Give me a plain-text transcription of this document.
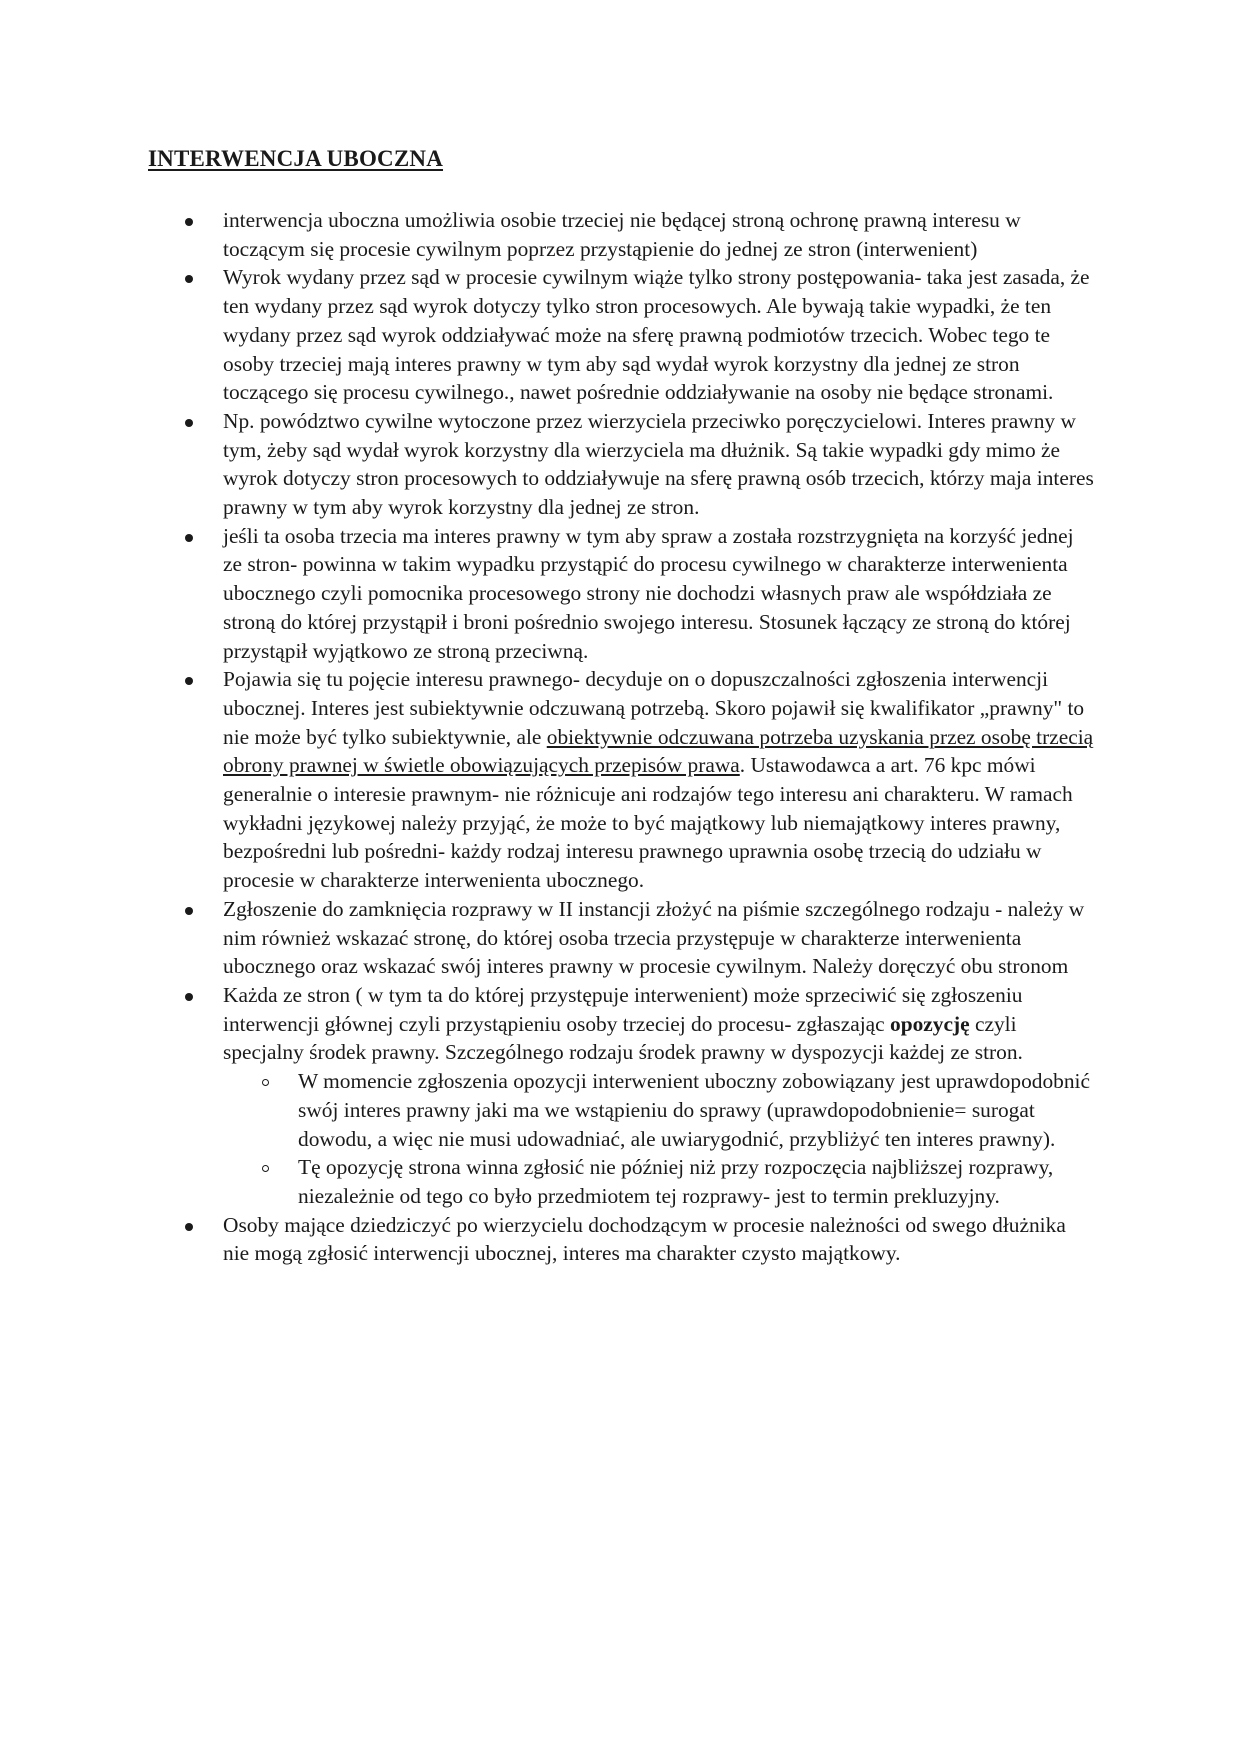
INTERWENCJA UBOCZNA
interwencja uboczna umożliwia osobie trzeciej nie będącej stroną ochronę prawną interesu w toczącym się procesie cywilnym poprzez przystąpienie do jednej ze stron (interwenient)
Wyrok wydany przez sąd w procesie cywilnym wiąże tylko strony postępowania- taka jest zasada, że ten wydany przez sąd wyrok dotyczy tylko stron procesowych. Ale bywają takie wypadki, że ten wydany przez sąd wyrok oddziaływać może na sferę prawną podmiotów trzecich. Wobec tego te osoby trzeciej mają interes prawny w tym aby sąd wydał wyrok korzystny dla jednej ze stron toczącego się procesu cywilnego., nawet pośrednie oddziaływanie na osoby nie będące stronami.
Np. powództwo cywilne wytoczone przez wierzyciela przeciwko poręczycielowi. Interes prawny w tym, żeby sąd wydał wyrok korzystny dla wierzyciela ma dłużnik. Są takie wypadki gdy mimo że wyrok dotyczy stron procesowych to oddziaływuje na sferę prawną osób trzecich, którzy maja interes prawny w tym aby wyrok korzystny dla jednej ze stron.
jeśli ta osoba trzecia ma interes prawny w tym aby spraw a została rozstrzygnięta na korzyść jednej ze stron- powinna w takim wypadku przystąpić do procesu cywilnego w charakterze interwenienta ubocznego czyli pomocnika procesowego strony nie dochodzi własnych praw ale współdziała ze stroną do której przystąpił i broni pośrednio swojego interesu. Stosunek łączący ze stroną do której przystąpił wyjątkowo ze stroną przeciwną.
Pojawia się tu pojęcie interesu prawnego- decyduje on o dopuszczalności zgłoszenia interwencji ubocznej. Interes jest subiektywnie odczuwaną potrzebą. Skoro pojawił się kwalifikator „prawny" to nie może być tylko subiektywnie, ale obiektywnie odczuwana potrzeba uzyskania przez osobę trzecią obrony prawnej w świetle obowiązujących przepisów prawa. Ustawodawca a art. 76 kpc mówi generalnie o interesie prawnym- nie różnicuje ani rodzajów tego interesu ani charakteru. W ramach wykładni językowej należy przyjąć, że może to być majątkowy lub niemajątkowy interes prawny, bezpośredni lub pośredni- każdy rodzaj interesu prawnego uprawnia osobę trzecią do udziału w procesie w charakterze interwenienta ubocznego.
Zgłoszenie do zamknięcia rozprawy w II instancji złożyć na piśmie szczególnego rodzaju - należy w nim również wskazać stronę, do której osoba trzecia przystępuje w charakterze interwenienta ubocznego oraz wskazać swój interes prawny w procesie cywilnym. Należy doręczyć obu stronom
Każda ze stron ( w tym ta do której przystępuje interwenient) może sprzeciwić się zgłoszeniu interwencji głównej czyli przystąpieniu osoby trzeciej do procesu- zgłaszając opozycję czyli specjalny środek prawny. Szczególnego rodzaju środek prawny w dyspozycji każdej ze stron.
W momencie zgłoszenia opozycji interwenient uboczny zobowiązany jest uprawdopodobnić swój interes prawny jaki ma we wstąpieniu do sprawy (uprawdopodobnienie= surogat dowodu, a więc nie musi udowadniać, ale uwiarygodnić, przybliżyć ten interes prawny).
Tę opozycję strona winna zgłosić nie później niż przy rozpoczęcia najbliższej rozprawy, niezależnie od tego co było przedmiotem tej rozprawy- jest to termin prekluzyjny.
Osoby mające dziedziczyć po wierzycielu dochodzącym w procesie należności od swego dłużnika nie mogą zgłosić interwencji ubocznej, interes ma charakter czysto majątkowy.
